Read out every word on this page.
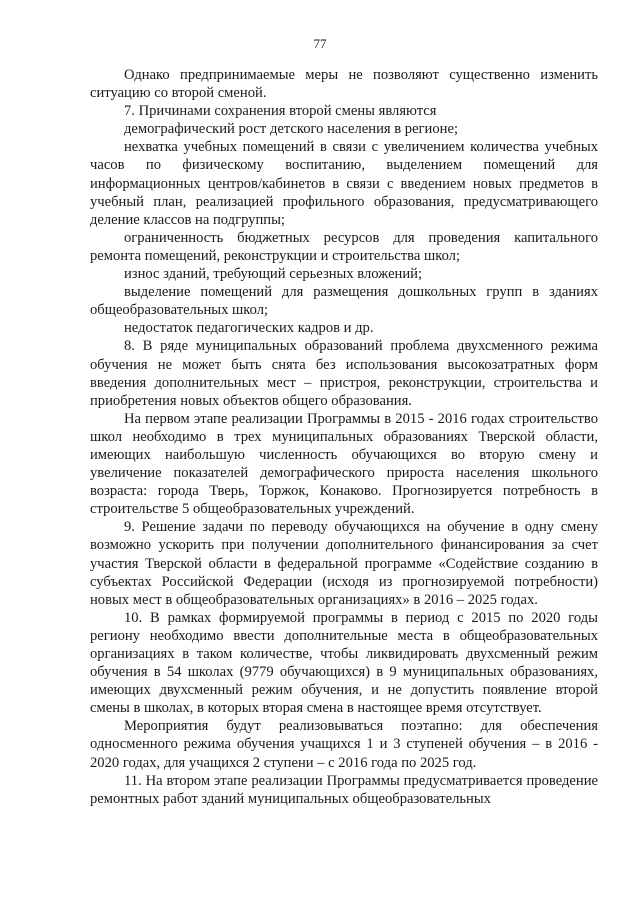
77

Однако предпринимаемые меры не позволяют существенно изменить ситуацию со второй сменой.

7. Причинами сохранения второй смены являются

демографический рост детского населения в регионе;

нехватка учебных помещений в связи с увеличением количества учебных часов по физическому воспитанию, выделением помещений для информационных центров/кабинетов в связи с введением новых предметов в учебный план, реализацией профильного образования, предусматривающего деление классов на подгруппы;

ограниченность бюджетных ресурсов для проведения капитального ремонта помещений, реконструкции и строительства школ;

износ зданий, требующий серьезных вложений;

выделение помещений для размещения дошкольных групп в зданиях общеобразовательных школ;

недостаток педагогических кадров и др.

8. В ряде муниципальных образований проблема двухсменного режима обучения не может быть снята без использования высокозатратных форм введения дополнительных мест – пристроя, реконструкции, строительства и приобретения новых объектов общего образования.

На первом этапе реализации Программы в 2015 - 2016 годах строительство школ необходимо в трех муниципальных образованиях Тверской области, имеющих наибольшую численность обучающихся во вторую смену и увеличение показателей демографического прироста населения школьного возраста: города Тверь, Торжок, Конаково. Прогнозируется потребность в строительстве 5 общеобразовательных учреждений.

9. Решение задачи по переводу обучающихся на обучение в одну смену возможно ускорить при получении дополнительного финансирования за счет участия Тверской области в федеральной программе «Содействие созданию в субъектах Российской Федерации (исходя из прогнозируемой потребности) новых мест в общеобразовательных организациях» в 2016 – 2025 годах.

10. В рамках формируемой программы в период с 2015 по 2020 годы региону необходимо ввести дополнительные места в общеобразовательных организациях в таком количестве, чтобы ликвидировать двухсменный режим обучения в 54 школах (9779 обучающихся) в 9 муниципальных образованиях, имеющих двухсменный режим обучения, и не допустить появление второй смены в школах, в которых вторая смена в настоящее время отсутствует.

Мероприятия будут реализовываться поэтапно: для обеспечения односменного режима обучения учащихся 1 и 3 ступеней обучения – в 2016 - 2020 годах, для учащихся 2 ступени – с 2016 года по 2025 год.

11. На втором этапе реализации Программы предусматривается проведение ремонтных работ зданий муниципальных общеобразовательных
